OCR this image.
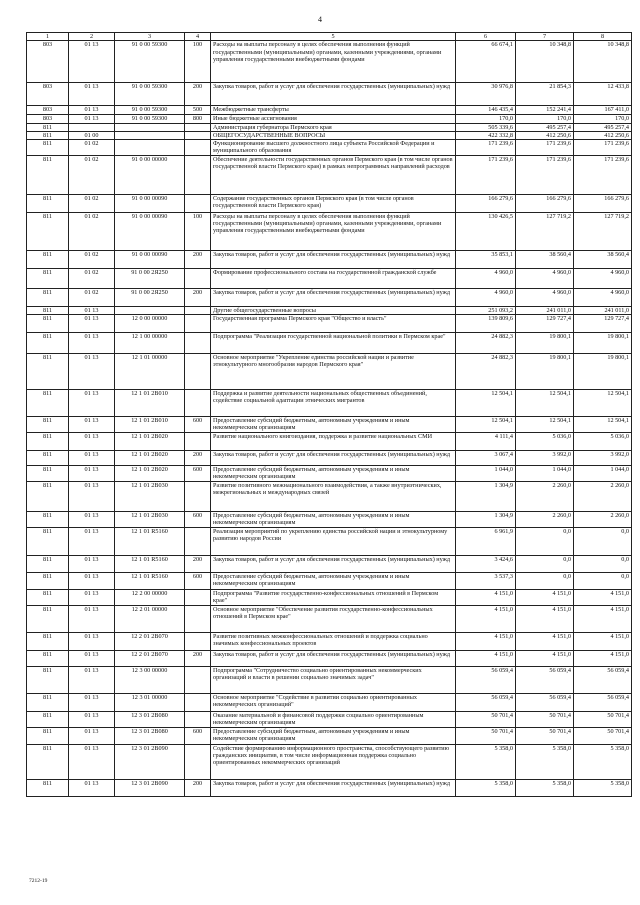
4
1	2	3	4	5	6	7	8
803	01 13	91 0 00 59300	100	Расходы на выплаты персоналу в целях обеспечения выполнения функций государственными (муниципальными) органами, казенными учреждениями, органами управления государственными внебюджетными фондами	66 674,1	10 348,8	10 348,8
803	01 13	91 0 00 59300	200	Закупка товаров, работ и услуг для обеспечения государственных (муниципальных) нужд	30 976,8	21 854,3	12 433,8
803	01 13	91 0 00 59300	500	Межбюджетные трансферты	146 435,4	152 241,4	167 411,0
803	01 13	91 0 00 59300	800	Иные бюджетные ассигнования	170,0	170,0	170,0
811				Администрация губернатора Пермского края	505 339,6	495 257,4	495 257,4
811	01 00			ОБЩЕГОСУДАРСТВЕННЫЕ ВОПРОСЫ	422 332,8	412 250,6	412 250,6
811	01 02			Функционирование высшего должностного лица субъекта Российской Федерации и муниципального образования	171 239,6	171 239,6	171 239,6
811	01 02	91 0 00 00000		Обеспечение деятельности государственных органов Пермского края (в том числе органов государственной власти Пермского края) в рамках непрограммных направлений расходов	171 239,6	171 239,6	171 239,6
811	01 02	91 0 00 00090		Содержание государственных органов Пермского края (в том числе органов государственной власти Пермского края)	166 279,6	166 279,6	166 279,6
811	01 02	91 0 00 00090	100	Расходы на выплаты персоналу в целях обеспечения выполнения функций государственными (муниципальными) органами, казенными учреждениями, органами управления государственными внебюджетными фондами	130 426,5	127 719,2	127 719,2
811	01 02	91 0 00 00090	200	Закупка товаров, работ и услуг для обеспечения государственных (муниципальных) нужд	35 853,1	38 560,4	38 560,4
811	01 02	91 0 00 2Я250		Формирование профессионального состава на государственной гражданской службе	4 960,0	4 960,0	4 960,0
811	01 02	91 0 00 2Я250	200	Закупка товаров, работ и услуг для обеспечения государственных (муниципальных) нужд	4 960,0	4 960,0	4 960,0
811	01 13			Другие общегосударственные вопросы	251 093,2	241 011,0	241 011,0
811	01 13	12 0 00 00000		Государственная программа Пермского края "Общество и власть"	139 809,6	129 727,4	129 727,4
811	01 13	12 1 00 00000		Подпрограмма "Реализация государственной национальной политики в Пермском крае"	24 882,3	19 800,1	19 800,1
811	01 13	12 1 01 00000		Основное мероприятие "Укрепление единства российской нации и развитие этнокультурного многообразия народов Пермского края"	24 882,3	19 800,1	19 800,1
811	01 13	12 1 01 2В010		Поддержка и развитие деятельности национальных общественных объединений, содействие социальной адаптации этнических мигрантов	12 504,1	12 504,1	12 504,1
811	01 13	12 1 01 2В010	600	Предоставление субсидий бюджетным, автономным учреждениям и иным некоммерческим организациям	12 504,1	12 504,1	12 504,1
811	01 13	12 1 01 2В020		Развитие национального книгоиздания, поддержка и развитие национальных СМИ	4 111,4	5 036,0	5 036,0
811	01 13	12 1 01 2В020	200	Закупка товаров, работ и услуг для обеспечения государственных (муниципальных) нужд	3 067,4	3 992,0	3 992,0
811	01 13	12 1 01 2В020	600	Предоставление субсидий бюджетным, автономным учреждениям и иным некоммерческим организациям	1 044,0	1 044,0	1 044,0
811	01 13	12 1 01 2В030		Развитие позитивного межнационального взаимодействия, а также внутриэтнических, межрегиональных и международных связей	1 304,9	2 260,0	2 260,0
811	01 13	12 1 01 2В030	600	Предоставление субсидий бюджетным, автономным учреждениям и иным некоммерческим организациям	1 304,9	2 260,0	2 260,0
811	01 13	12 1 01 R5160		Реализация мероприятий по укреплению единства российской нации и этнокультурному развитию народов России	6 961,9	0,0	0,0
811	01 13	12 1 01 R5160	200	Закупка товаров, работ и услуг для обеспечения государственных (муниципальных) нужд	3 424,6	0,0	0,0
811	01 13	12 1 01 R5160	600	Предоставление субсидий бюджетным, автономным учреждениям и иным некоммерческим организациям	3 537,3	0,0	0,0
811	01 13	12 2 00 00000		Подпрограмма "Развитие государственно-конфессиональных отношений в Пермском крае"	4 151,0	4 151,0	4 151,0
811	01 13	12 2 01 00000		Основное мероприятие "Обеспечение развития государственно-конфессиональных отношений в Пермском крае"	4 151,0	4 151,0	4 151,0
811	01 13	12 2 01 2В070		Развитие позитивных межконфессиональных отношений и поддержка социально значимых конфессиональных проектов	4 151,0	4 151,0	4 151,0
811	01 13	12 2 01 2В070	200	Закупка товаров, работ и услуг для обеспечения государственных (муниципальных) нужд	4 151,0	4 151,0	4 151,0
811	01 13	12 3 00 00000		Подпрограмма "Сотрудничество социально ориентированных некоммерческих организаций и власти в решении социально значимых задач"	56 059,4	56 059,4	56 059,4
811	01 13	12 3 01 00000		Основное мероприятие "Содействие в развитии социально ориентированных некоммерческих организаций"	56 059,4	56 059,4	56 059,4
811	01 13	12 3 01 2В080		Оказание материальной и финансовой поддержки социально ориентированным некоммерческим организациям	50 701,4	50 701,4	50 701,4
811	01 13	12 3 01 2В080	600	Предоставление субсидий бюджетным, автономным учреждениям и иным некоммерческим организациям	50 701,4	50 701,4	50 701,4
811	01 13	12 3 01 2В090		Содействие формированию информационного пространства, способствующего развитию гражданских инициатив, в том числе информационная поддержка социально ориентированных некоммерческих организаций	5 358,0	5 358,0	5 358,0
811	01 13	12 3 01 2В090	200	Закупка товаров, работ и услуг для обеспечения государственных (муниципальных) нужд	5 358,0	5 358,0	5 358,0
7212-19
